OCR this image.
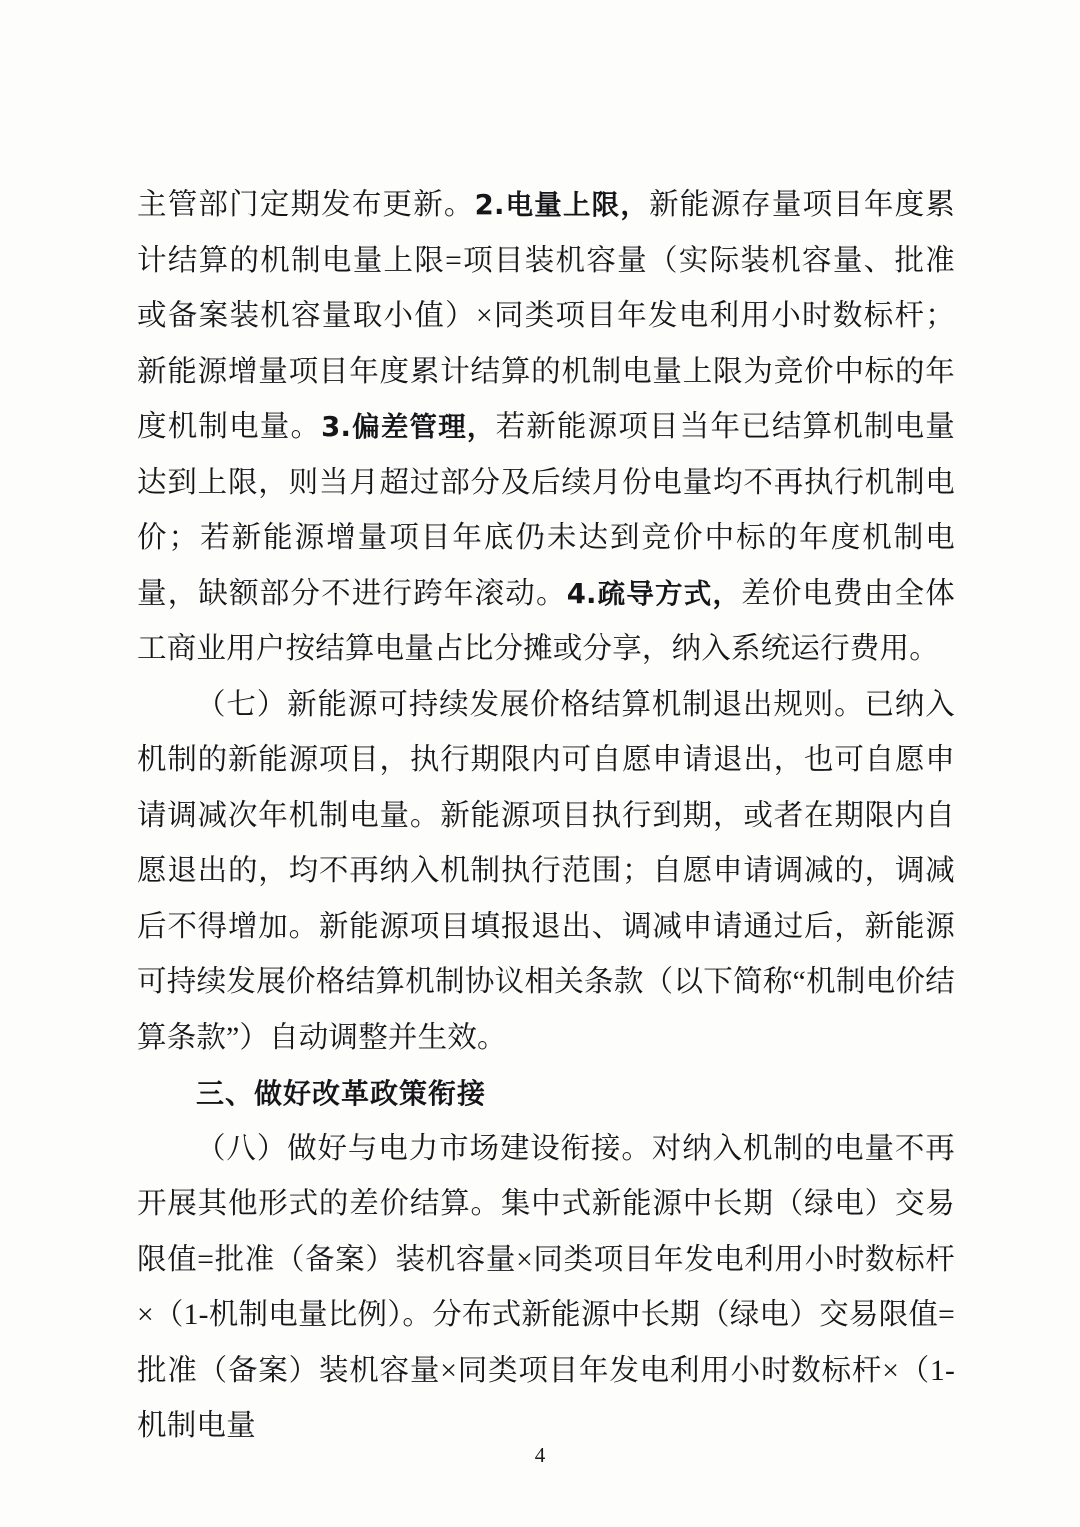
主管部门定期发布更新。2.电量上限，新能源存量项目年度累计结算的机制电量上限=项目装机容量（实际装机容量、批准或备案装机容量取小值）×同类项目年发电利用小时数标杆；新能源增量项目年度累计结算的机制电量上限为竞价中标的年度机制电量。3.偏差管理，若新能源项目当年已结算机制电量达到上限，则当月超过部分及后续月份电量均不再执行机制电价；若新能源增量项目年底仍未达到竞价中标的年度机制电量，缺额部分不进行跨年滚动。4.疏导方式，差价电费由全体工商业用户按结算电量占比分摊或分享，纳入系统运行费用。

（七）新能源可持续发展价格结算机制退出规则。已纳入机制的新能源项目，执行期限内可自愿申请退出，也可自愿申请调减次年机制电量。新能源项目执行到期，或者在期限内自愿退出的，均不再纳入机制执行范围；自愿申请调减的，调减后不得增加。新能源项目填报退出、调减申请通过后，新能源可持续发展价格结算机制协议相关条款（以下简称“机制电价结算条款”）自动调整并生效。

三、做好改革政策衔接

（八）做好与电力市场建设衔接。对纳入机制的电量不再开展其他形式的差价结算。集中式新能源中长期（绿电）交易限值=批准（备案）装机容量×同类项目年发电利用小时数标杆×（1-机制电量比例）。分布式新能源中长期（绿电）交易限值=批准（备案）装机容量×同类项目年发电利用小时数标杆×（1-机制电量

4
